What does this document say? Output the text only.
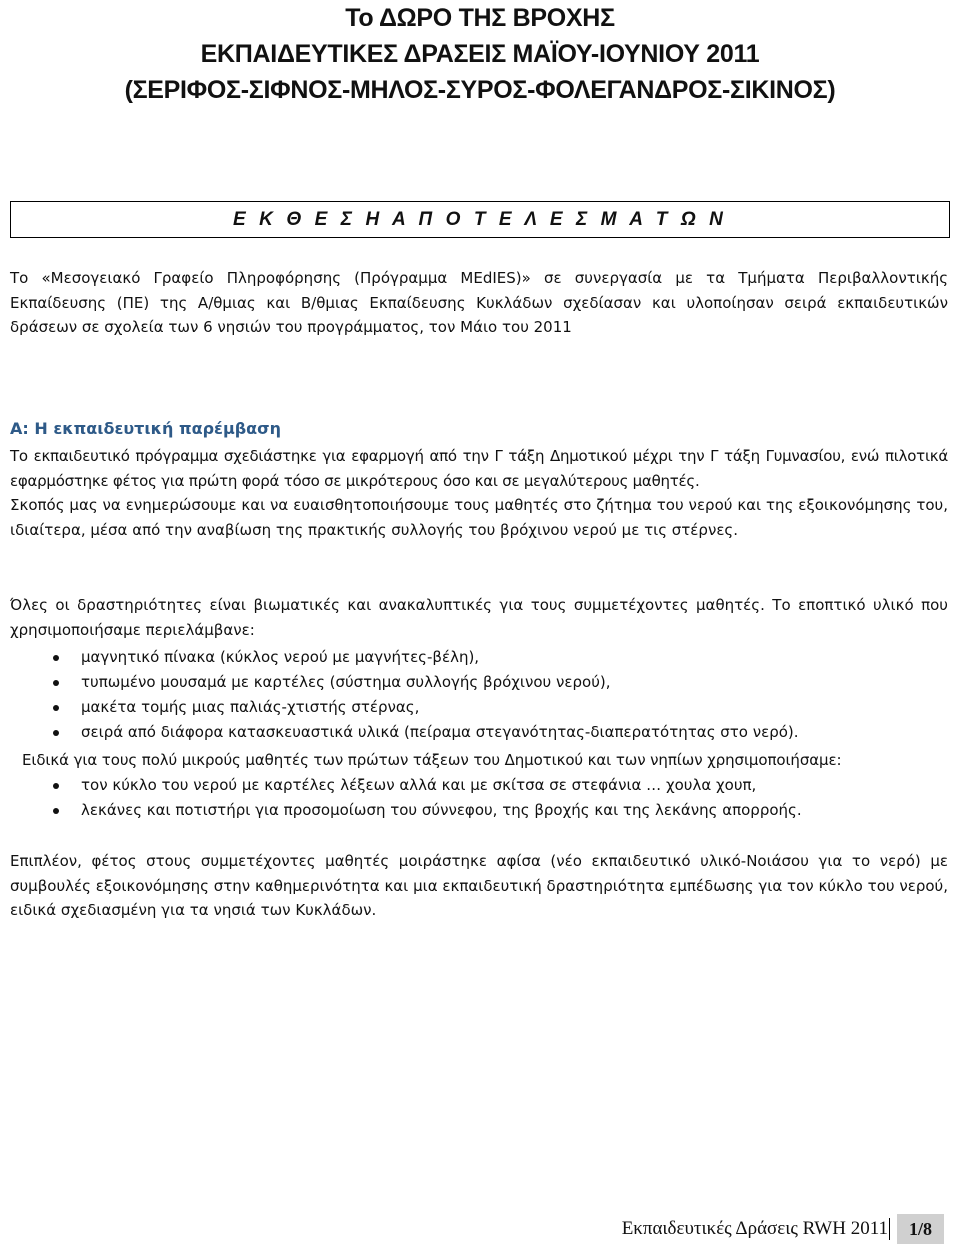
Το ΔΩΡΟ ΤΗΣ ΒΡΟΧΗΣ
ΕΚΠΑΙΔΕΥΤΙΚΕΣ ΔΡΑΣΕΙΣ ΜΑΪΟΥ-ΙΟΥΝΙΟΥ 2011
(ΣΕΡΙΦΟΣ-ΣΙΦΝΟΣ-ΜΗΛΟΣ-ΣΥΡΟΣ-ΦΟΛΕΓΑΝΔΡΟΣ-ΣΙΚΙΝΟΣ)
Ε Κ Θ Ε Σ Η Α Π Ο Τ Ε Λ Ε Σ Μ Α Τ Ω Ν
Το «Μεσογειακό Γραφείο Πληροφόρησης (Πρόγραμμα MEdIES)» σε συνεργασία με τα Τμήματα Περιβαλλοντικής Εκπαίδευσης (ΠΕ) της Α/θμιας και Β/θμιας Εκπαίδευσης Κυκλάδων σχεδίασαν και υλοποίησαν σειρά εκπαιδευτικών δράσεων σε σχολεία των 6 νησιών του προγράμματος, τον Μάιο του 2011
Α: Η εκπαιδευτική παρέμβαση
Το εκπαιδευτικό πρόγραμμα σχεδιάστηκε για εφαρμογή από την Γ τάξη Δημοτικού μέχρι την Γ τάξη Γυμνασίου, ενώ πιλοτικά εφαρμόστηκε φέτος για πρώτη φορά τόσο σε μικρότερους όσο και σε μεγαλύτερους μαθητές.
Σκοπός μας να ενημερώσουμε και να ευαισθητοποιήσουμε τους μαθητές στο ζήτημα του νερού και της εξοικονόμησης του, ιδιαίτερα, μέσα από την αναβίωση της πρακτικής συλλογής του βρόχινου νερού με τις στέρνες.
Όλες οι δραστηριότητες είναι βιωματικές και ανακαλυπτικές για τους συμμετέχοντες μαθητές. Το εποπτικό υλικό που χρησιμοποιήσαμε περιελάμβανε:
μαγνητικό πίνακα (κύκλος νερού με μαγνήτες-βέλη),
τυπωμένο μουσαμά με καρτέλες (σύστημα συλλογής βρόχινου νερού),
μακέτα τομής μιας παλιάς-χτιστής στέρνας,
σειρά από διάφορα κατασκευαστικά υλικά (πείραμα στεγανότητας-διαπερατότητας στο νερό).
Ειδικά για τους πολύ μικρούς μαθητές των πρώτων τάξεων του Δημοτικού και των νηπίων χρησιμοποιήσαμε:
τον κύκλο του νερού με καρτέλες λέξεων αλλά και με σκίτσα σε στεφάνια … χουλα χουπ,
λεκάνες και ποτιστήρι για προσομοίωση του σύννεφου, της βροχής και της λεκάνης απορροής.
Επιπλέον, φέτος στους συμμετέχοντες μαθητές μοιράστηκε αφίσα (νέο εκπαιδευτικό υλικό-Νοιάσου για το νερό) με συμβουλές εξοικονόμησης στην καθημερινότητα και μια εκπαιδευτική δραστηριότητα εμπέδωσης για τον κύκλο του νερού, ειδικά σχεδιασμένη για τα νησιά των Κυκλάδων.
Εκπαιδευτικές Δράσεις RWH 2011	1/8
